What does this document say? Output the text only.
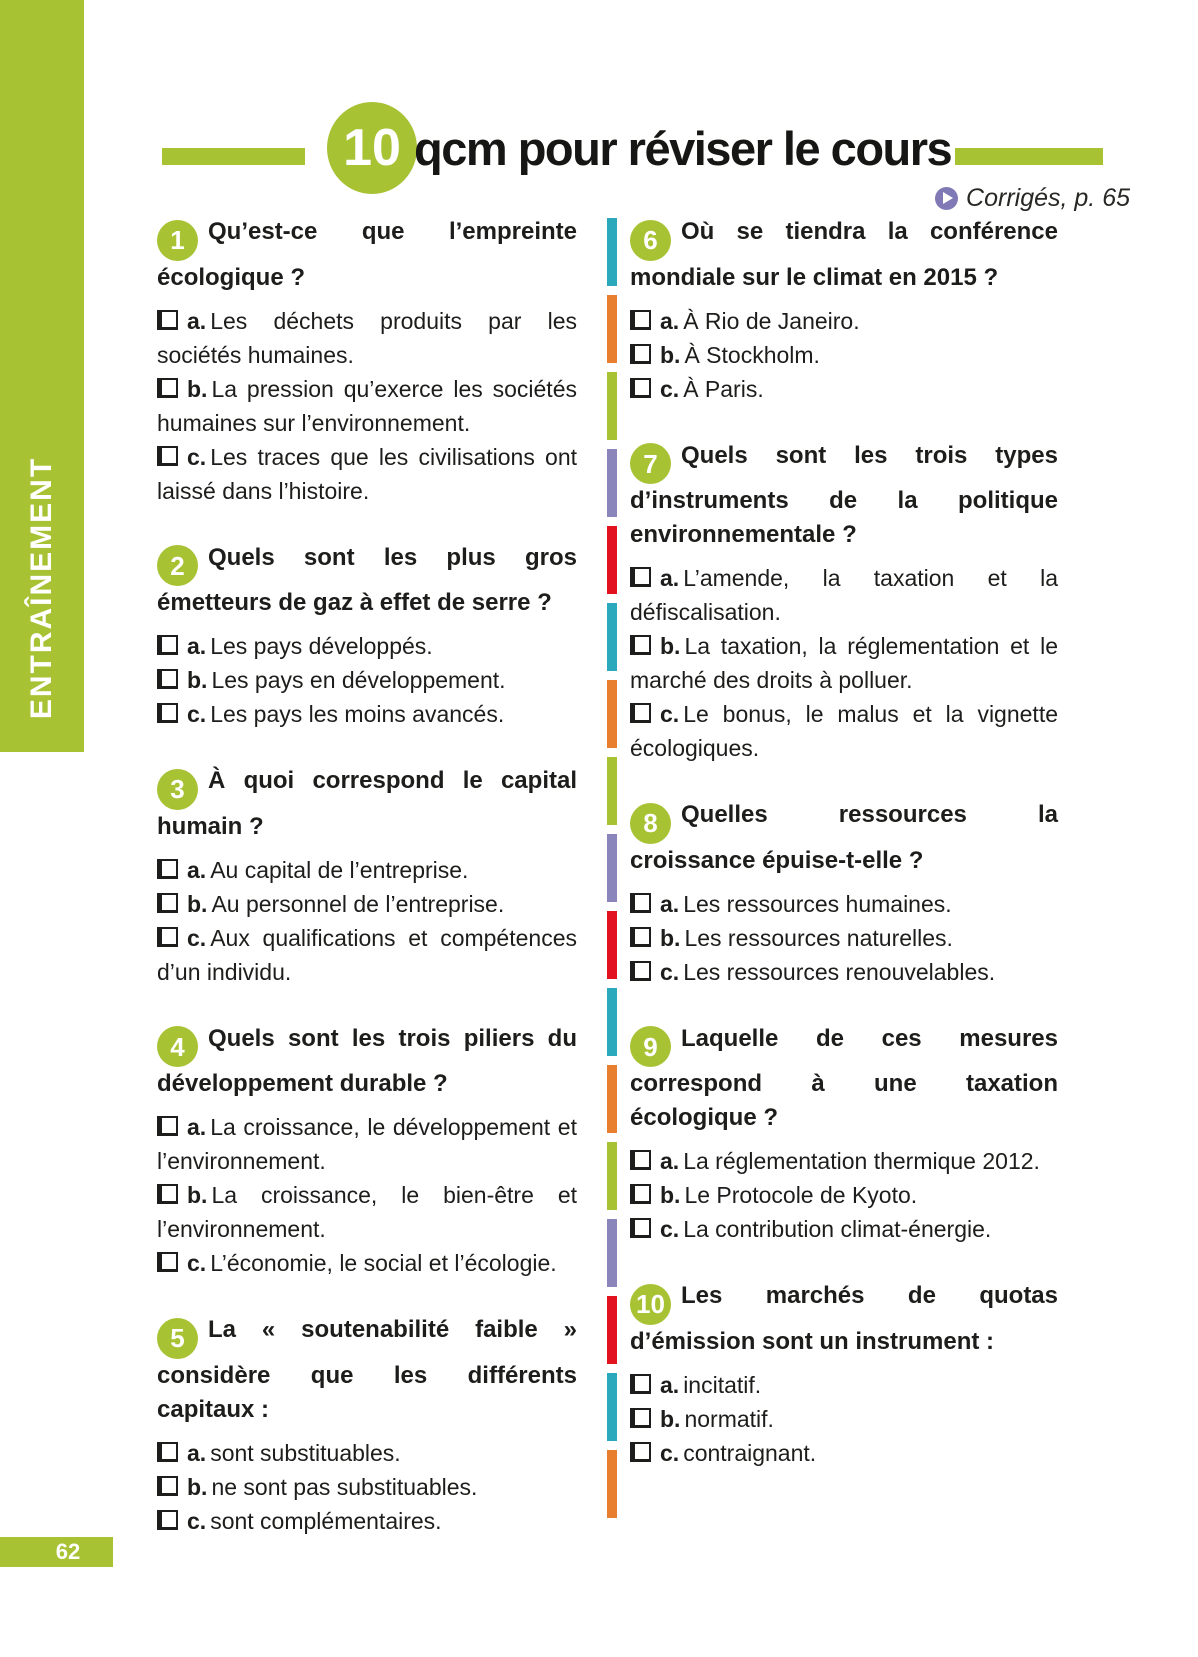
ENTRAÎNEMENT
62
10 qcm pour réviser le cours
Corrigés, p. 65

1 Qu’est-ce que l’empreinte écologique ?

a. Les déchets produits par les sociétés humaines.

b. La pression qu’exerce les sociétés humaines sur l’environnement.

c. Les traces que les civilisations ont laissé dans l’histoire.

2 Quels sont les plus gros émetteurs de gaz à effet de serre ?

a. Les pays développés.

b. Les pays en développement.

c. Les pays les moins avancés.

3 À quoi correspond le capital humain ?

a. Au capital de l’entreprise.

b. Au personnel de l’entreprise.

c. Aux qualifications et compétences d’un individu.

4 Quels sont les trois piliers du développement durable ?

a. La croissance, le développement et l’environnement.

b. La croissance, le bien-être et l’environnement.

c. L’économie, le social et l’écologie.

5 La « soutenabilité faible » considère que les différents capitaux :

a. sont substituables.

b. ne sont pas substituables.

c. sont complémentaires.

6 Où se tiendra la conférence mondiale sur le climat en 2015 ?

a. À Rio de Janeiro.

b. À Stockholm.

c. À Paris.

7 Quels sont les trois types d’instruments de la politique environnementale ?

a. L’amende, la taxation et la défiscalisation.

b. La taxation, la réglementation et le marché des droits à polluer.

c. Le bonus, le malus et la vignette écologiques.

8 Quelles ressources la croissance épuise-t-elle ?

a. Les ressources humaines.

b. Les ressources naturelles.

c. Les ressources renouvelables.

9 Laquelle de ces mesures correspond à une taxation écologique ?

a. La réglementation thermique 2012.

b. Le Protocole de Kyoto.

c. La contribution climat-énergie.

10 Les marchés de quotas d’émission sont un instrument :

a. incitatif.

b. normatif.

c. contraignant.
